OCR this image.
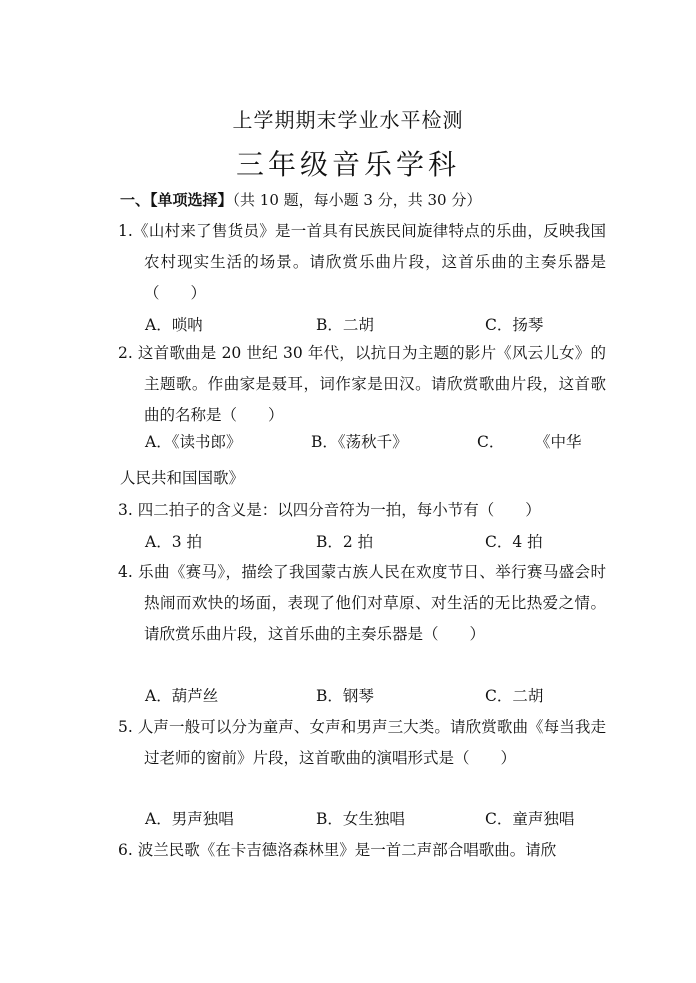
上学期期末学业水平检测
三年级音乐学科
一、【单项选择】（共 10 题，每小题 3 分，共 30 分）
1.《山村来了售货员》是一首具有民族民间旋律特点的乐曲，反映我国农村现实生活的场景。请欣赏乐曲片段，这首乐曲的主奏乐器是（　　）
A．唢呐	B．二胡	C．扬琴
2. 这首歌曲是 20 世纪 30 年代，以抗日为主题的影片《风云儿女》的主题歌。作曲家是聂耳，词作家是田汉。请欣赏歌曲片段，这首歌曲的名称是（　　）
A．《读书郎》	B．《荡秋千》	C． 《中华
人民共和国国歌》
3. 四二拍子的含义是：以四分音符为一拍，每小节有（　　）
A．3 拍	B．2 拍	C．4 拍
4. 乐曲《赛马》，描绘了我国蒙古族人民在欢度节日、举行赛马盛会时热闹而欢快的场面，表现了他们对草原、对生活的无比热爱之情。请欣赏乐曲片段，这首乐曲的主奏乐器是（　　）
A．葫芦丝	B．钢琴	C．二胡
5. 人声一般可以分为童声、女声和男声三大类。请欣赏歌曲《每当我走过老师的窗前》片段，这首歌曲的演唱形式是（　　）
A．男声独唱	B．女生独唱	C．童声独唱
6. 波兰民歌《在卡吉德洛森林里》是一首二声部合唱歌曲。请欣
